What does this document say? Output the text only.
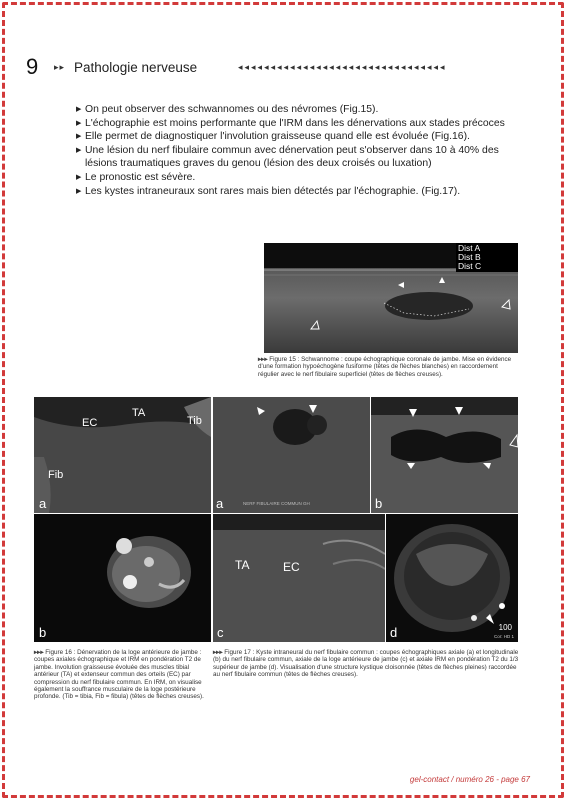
9 ▸▸ Pathologie nerveuse	◂◂◂◂◂◂◂◂◂◂◂◂◂◂◂◂◂◂◂◂◂◂◂◂◂◂◂◂◂◂◂◂
▶ On peut observer des schwannomes ou des névromes (Fig.15).
▶ L'échographie est moins performante que l'IRM dans les dénervations aux stades précoces
▶ Elle permet de diagnostiquer l'involution graisseuse quand elle est évoluée (Fig.16).
▶ Une lésion du nerf fibulaire commun avec dénervation peut s'observer dans 10 à 40% des lésions traumatiques graves du genou (lésion des deux croisés ou luxation)
▶ Le pronostic est sévère.
▶ Les kystes intraneuraux sont rares mais bien détectés par l'échographie. (Fig.17).
Dist A
Dist B
Dist C
▸▸▸ Figure 15 : Schwannome : coupe échographique coronale de jambe. Mise en évidence d'une formation hypoéchogène fusiforme (têtes de flèches blanches) en raccordement régulier avec le nerf fibulaire superficiel (têtes de flèches creuses).
EC
TA
Tib
Fib
a
b
▸▸▸ Figure 16 : Dénervation de la loge antérieure de jambe : coupes axiales échographique et IRM en pondération T2 de jambe. Involution graisseuse évoluée des muscles tibial antérieur (TA) et extenseur commun des orteils (EC) par compression du nerf fibulaire commun. En IRM, on visualise également la souffrance musculaire de la loge postérieure profonde. (Tib = tibia, Fib = fibula) (têtes de flèches creuses).
NERF FIBULAIRE COMMUN GH
a	b
TA	EC
c	100
Cor: HD 1
d
▸▸▸ Figure 17 : Kyste intraneural du nerf fibulaire commun : coupes échographiques axiale (a) et longitudinale (b) du nerf fibulaire commun, axiale de la loge antérieure de jambe (c) et axiale IRM en pondération T2 du 1/3 supérieur de jambe (d). Visualisation d'une structure kystique cloisonnée (têtes de flèches pleines) raccordée au nerf fibulaire commun (têtes de flèches creuses).
gel-contact / numéro 26 - page 67
